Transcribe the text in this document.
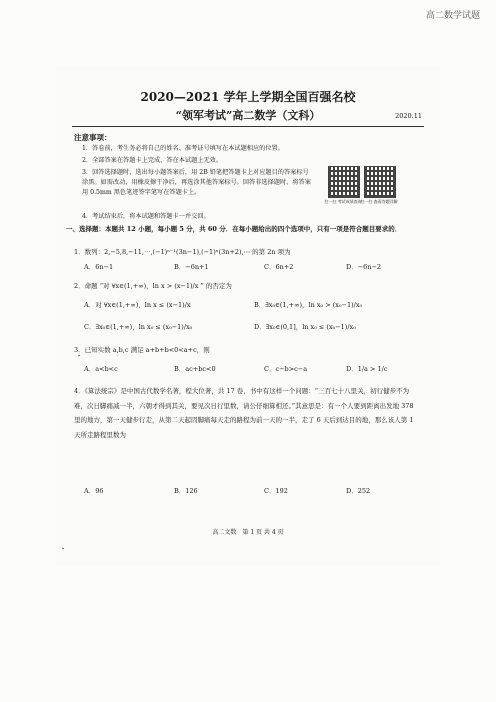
高二数学试题
2020—2021 学年上学期全国百强名校
“领军考试”高二数学（文科）	2020.11
注意事项：
1．答卷前，考生务必将自己的姓名、准考证号填写在本试题相应的位置。
2．全部答案在答题卡上完成，答在本试题上无效。
3．回答选择题时，选出每小题答案后，用 2B 铅笔把答题卡上对应题目的答案标号涂黑。如需改动，用橡皮擦干净后，再选涂其他答案标号。回答非选择题时，将答案用 0.5mm 黑色笔迹签字笔写在答题卡上。
4．考试结束后，将本试题和答题卡一并交回。
扫一扫 考试成绩查询
扫一扫 查看答题详解
一、选择题：本题共 12 小题，每小题 5 分，共 60 分．在每小题给出的四个选项中，只有一项是符合题目要求的．
1．数列：2,−5,8,−11,⋯,(−1)ⁿ⁻¹(3n−1),(−1)ⁿ(3n+2),⋯ 的第 2n 项为
A．6n−1	B．−6n+1	C．6n+2	D．−6n−2
2．命题 “对 ∀x∈(1,+∞)，ln x > (x−1)/x ” 的否定为
A．对 ∀x∈(1,+∞)，ln x ≤ (x−1)/x	B．∃x₀∈(1,+∞)，ln x₀ > (x₀−1)/x₀
C．∃x₀∈(1,+∞)，ln x₀ ≤ (x₀−1)/x₀	D．∃x₀∈(0,1]，ln x₀ ≤ (x₀−1)/x₀
3．已知实数 a,b,c 满足 a+b+b<0<a+c，则
A．a<b<c	B．ac+bc<0	C．c−b>c−a	D．1/a > 1/c
4．《算法统宗》是中国古代数学名著，程大位著，共 17 卷，书中有这样一个问题：“三百七十八里关，初行健步不为难，次日脚痛减一半，六朝才得到其关，要见次日行里数，请公仔细算相还。”其意思是：有一个人要到距离出发地 378 里的地方，第一天健步行走，从第二天起因脚痛每天走的路程为前一天的一半，走了 6 天后到达目的地，那么该人第 1 天所走路程里数为
A．96	B．126	C．192	D．252
高二文数　第 1 页 共 4 页
